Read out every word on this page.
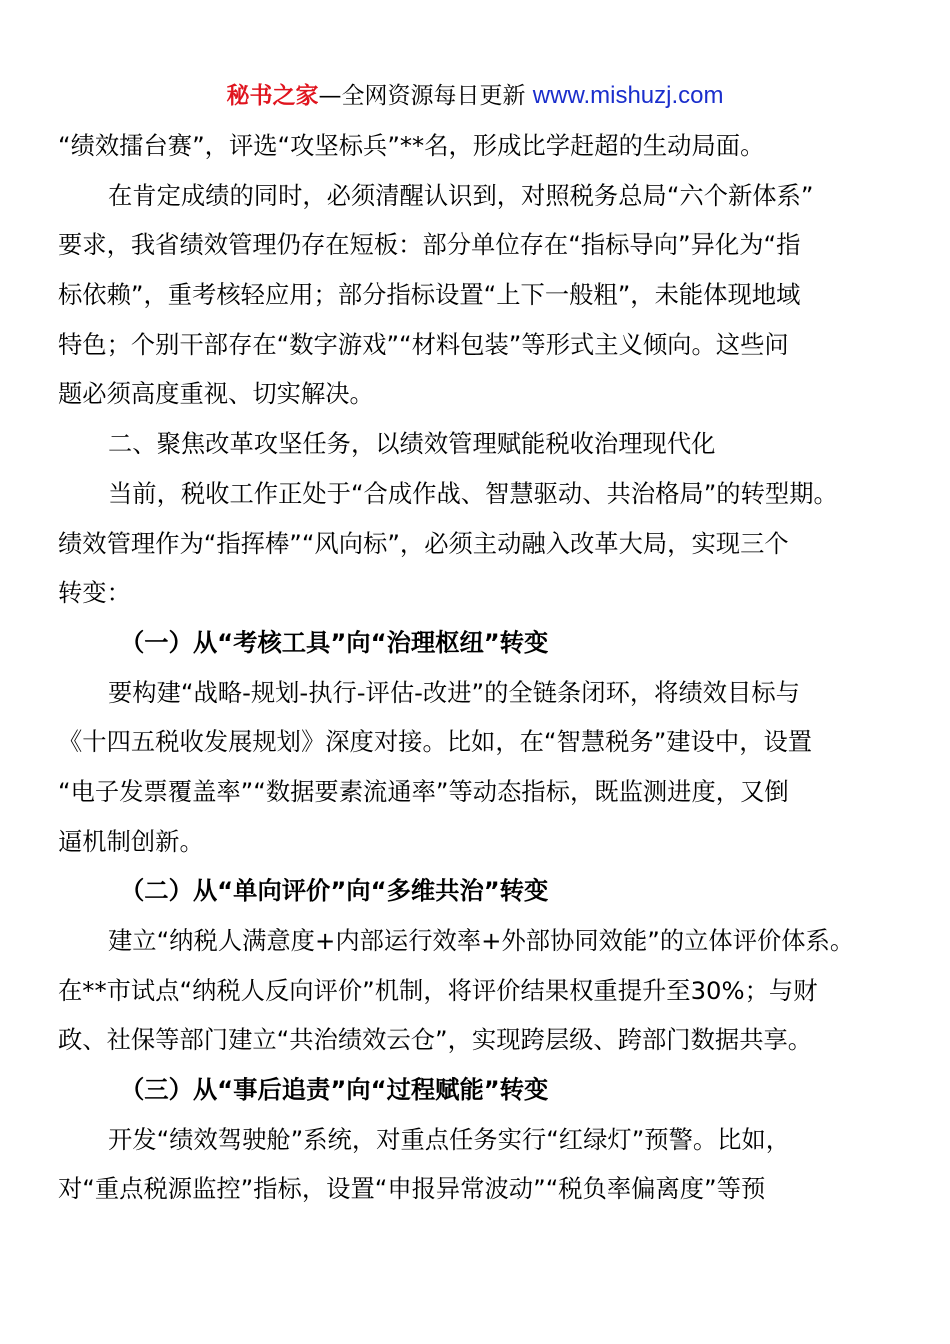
秘书之家—全网资源每日更新 www.mishuzj.com
“绩效擂台赛”，评选“攻坚标兵”**名，形成比学赶超的生动局面。
在肯定成绩的同时，必须清醒认识到，对照税务总局“六个新体系”
要求，我省绩效管理仍存在短板：部分单位存在“指标导向”异化为“指
标依赖”，重考核轻应用；部分指标设置“上下一般粗”，未能体现地域
特色；个别干部存在“数字游戏”“材料包装”等形式主义倾向。这些问
题必须高度重视、切实解决。
二、聚焦改革攻坚任务，以绩效管理赋能税收治理现代化
当前，税收工作正处于“合成作战、智慧驱动、共治格局”的转型期。
绩效管理作为“指挥棒”“风向标”，必须主动融入改革大局，实现三个
转变：
（一）从“考核工具”向“治理枢纽”转变
要构建“战略-规划-执行-评估-改进”的全链条闭环，将绩效目标与
《十四五税收发展规划》深度对接。比如，在“智慧税务”建设中，设置
“电子发票覆盖率”“数据要素流通率”等动态指标，既监测进度，又倒
逼机制创新。
（二）从“单向评价”向“多维共治”转变
建立“纳税人满意度+内部运行效率+外部协同效能”的立体评价体系。
在**市试点“纳税人反向评价”机制，将评价结果权重提升至30%；与财
政、社保等部门建立“共治绩效云仓”，实现跨层级、跨部门数据共享。
（三）从“事后追责”向“过程赋能”转变
开发“绩效驾驶舱”系统，对重点任务实行“红绿灯”预警。比如，
对“重点税源监控”指标，设置“申报异常波动”“税负率偏离度”等预
